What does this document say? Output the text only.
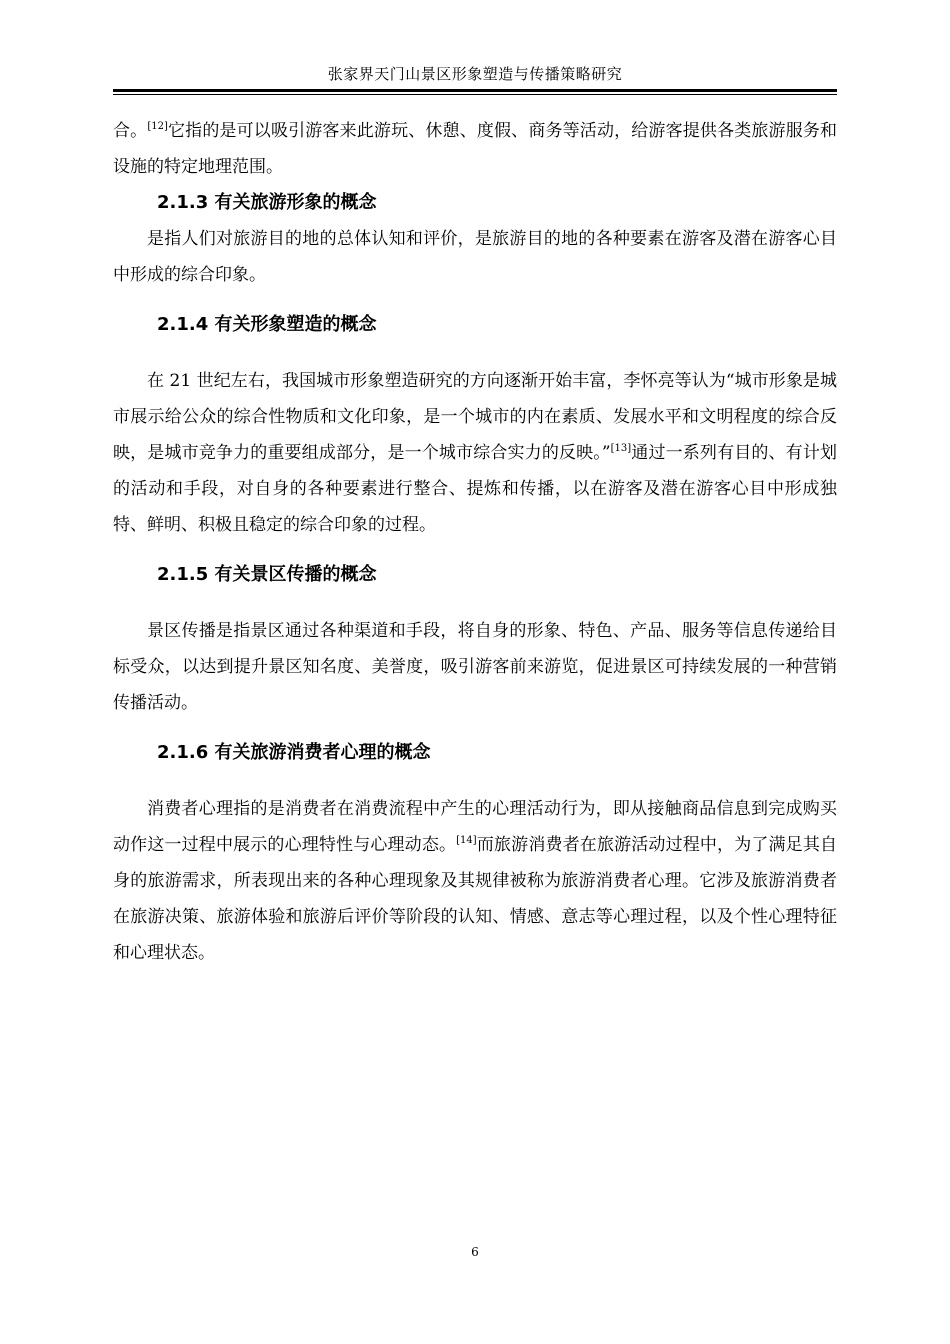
张家界天门山景区形象塑造与传播策略研究

合。[12]它指的是可以吸引游客来此游玩、休憩、度假、商务等活动，给游客提供各类旅游服务和设施的特定地理范围。

2.1.3 有关旅游形象的概念

是指人们对旅游目的地的总体认知和评价，是旅游目的地的各种要素在游客及潜在游客心目中形成的综合印象。

2.1.4 有关形象塑造的概念

在 21 世纪左右，我国城市形象塑造研究的方向逐渐开始丰富，李怀亮等认为“城市形象是城市展示给公众的综合性物质和文化印象，是一个城市的内在素质、发展水平和文明程度的综合反映，是城市竞争力的重要组成部分，是一个城市综合实力的反映。”[13]通过一系列有目的、有计划的活动和手段，对自身的各种要素进行整合、提炼和传播，以在游客及潜在游客心目中形成独特、鲜明、积极且稳定的综合印象的过程。

2.1.5 有关景区传播的概念

景区传播是指景区通过各种渠道和手段，将自身的形象、特色、产品、服务等信息传递给目标受众，以达到提升景区知名度、美誉度，吸引游客前来游览，促进景区可持续发展的一种营销传播活动。

2.1.6 有关旅游消费者心理的概念

消费者心理指的是消费者在消费流程中产生的心理活动行为，即从接触商品信息到完成购买动作这一过程中展示的心理特性与心理动态。[14]而旅游消费者在旅游活动过程中，为了满足其自身的旅游需求，所表现出来的各种心理现象及其规律被称为旅游消费者心理。它涉及旅游消费者在旅游决策、旅游体验和旅游后评价等阶段的认知、情感、意志等心理过程，以及个性心理特征和心理状态。

6
